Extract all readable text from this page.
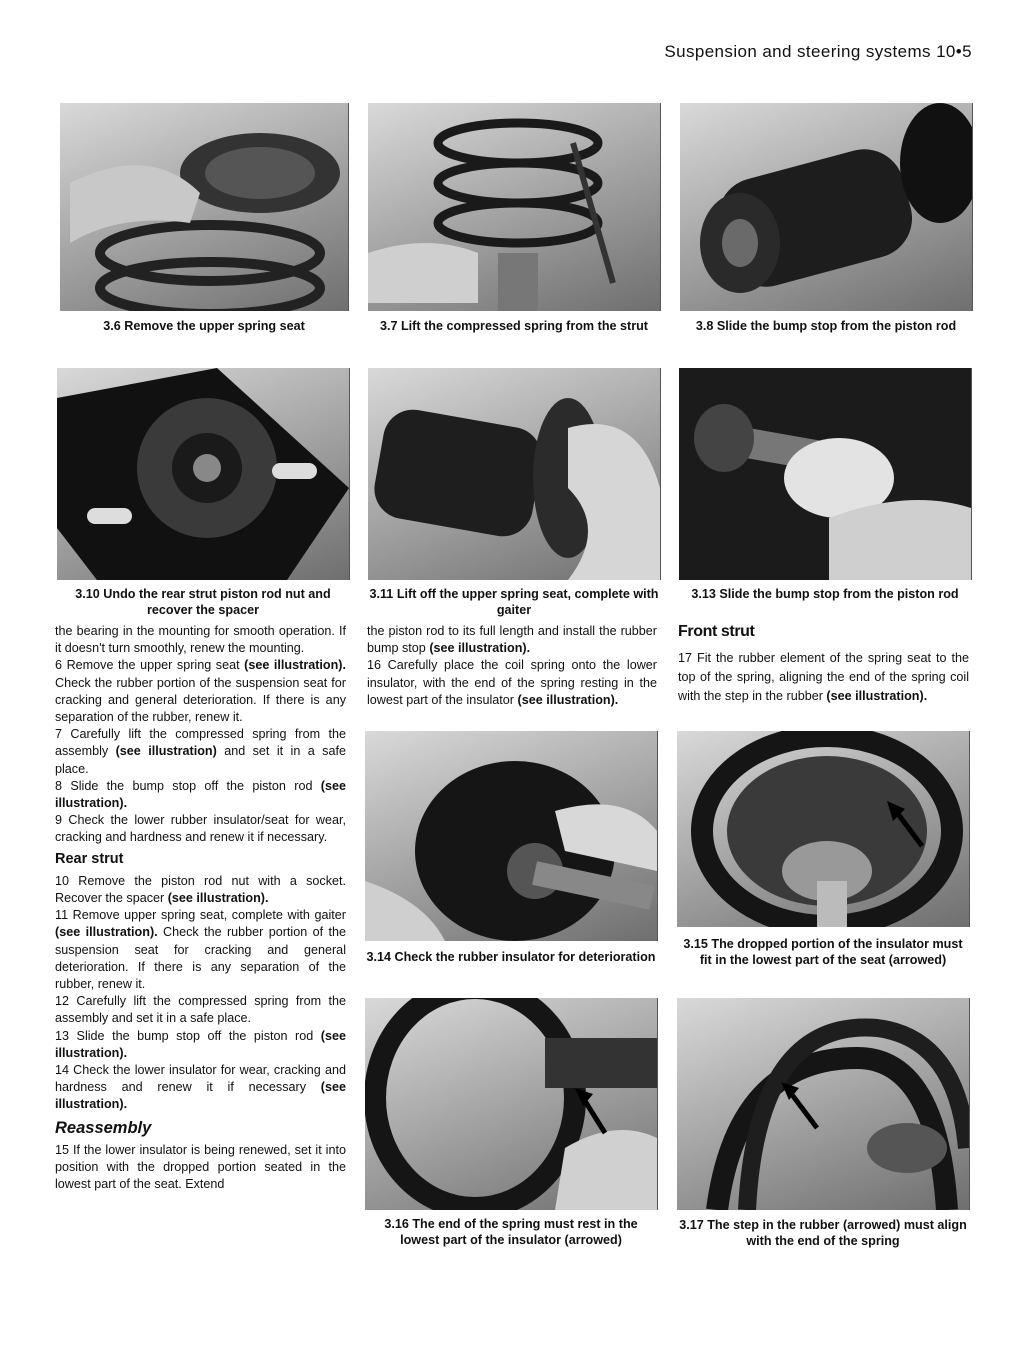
Suspension and steering systems 10•5
3.6 Remove the upper spring seat	3.7 Lift the compressed spring from the strut	3.8 Slide the bump stop from the piston rod
3.10 Undo the rear strut piston rod nut and recover the spacer
3.11 Lift off the upper spring seat, complete with gaiter
3.13 Slide the bump stop from the piston rod
3.14 Check the rubber insulator for deterioration
3.15 The dropped portion of the insulator must fit in the lowest part of the seat (arrowed)
3.16 The end of the spring must rest in the lowest part of the insulator (arrowed)
3.17 The step in the rubber (arrowed) must align with the end of the spring

the bearing in the mounting for smooth operation. If it doesn't turn smoothly, renew the mounting.

6 Remove the upper spring seat (see illustration). Check the rubber portion of the suspension seat for cracking and general deterioration. If there is any separation of the rubber, renew it.

7 Carefully lift the compressed spring from the assembly (see illustration) and set it in a safe place.

8 Slide the bump stop off the piston rod (see illustration).

9 Check the lower rubber insulator/seat for wear, cracking and hardness and renew it if necessary.

Rear strut

10 Remove the piston rod nut with a socket. Recover the spacer (see illustration).

11 Remove upper spring seat, complete with gaiter (see illustration). Check the rubber portion of the suspension seat for cracking and general deterioration. If there is any separation of the rubber, renew it.

12 Carefully lift the compressed spring from the assembly and set it in a safe place.

13 Slide the bump stop off the piston rod (see illustration).

14 Check the lower insulator for wear, cracking and hardness and renew it if necessary (see illustration).

Reassembly

15 If the lower insulator is being renewed, set it into position with the dropped portion seated in the lowest part of the seat. Extend

the piston rod to its full length and install the rubber bump stop (see illustration).

16 Carefully place the coil spring onto the lower insulator, with the end of the spring resting in the lowest part of the insulator (see illustration).

Front strut

17 Fit the rubber element of the spring seat to the top of the spring, aligning the end of the spring coil with the step in the rubber (see illustration).
